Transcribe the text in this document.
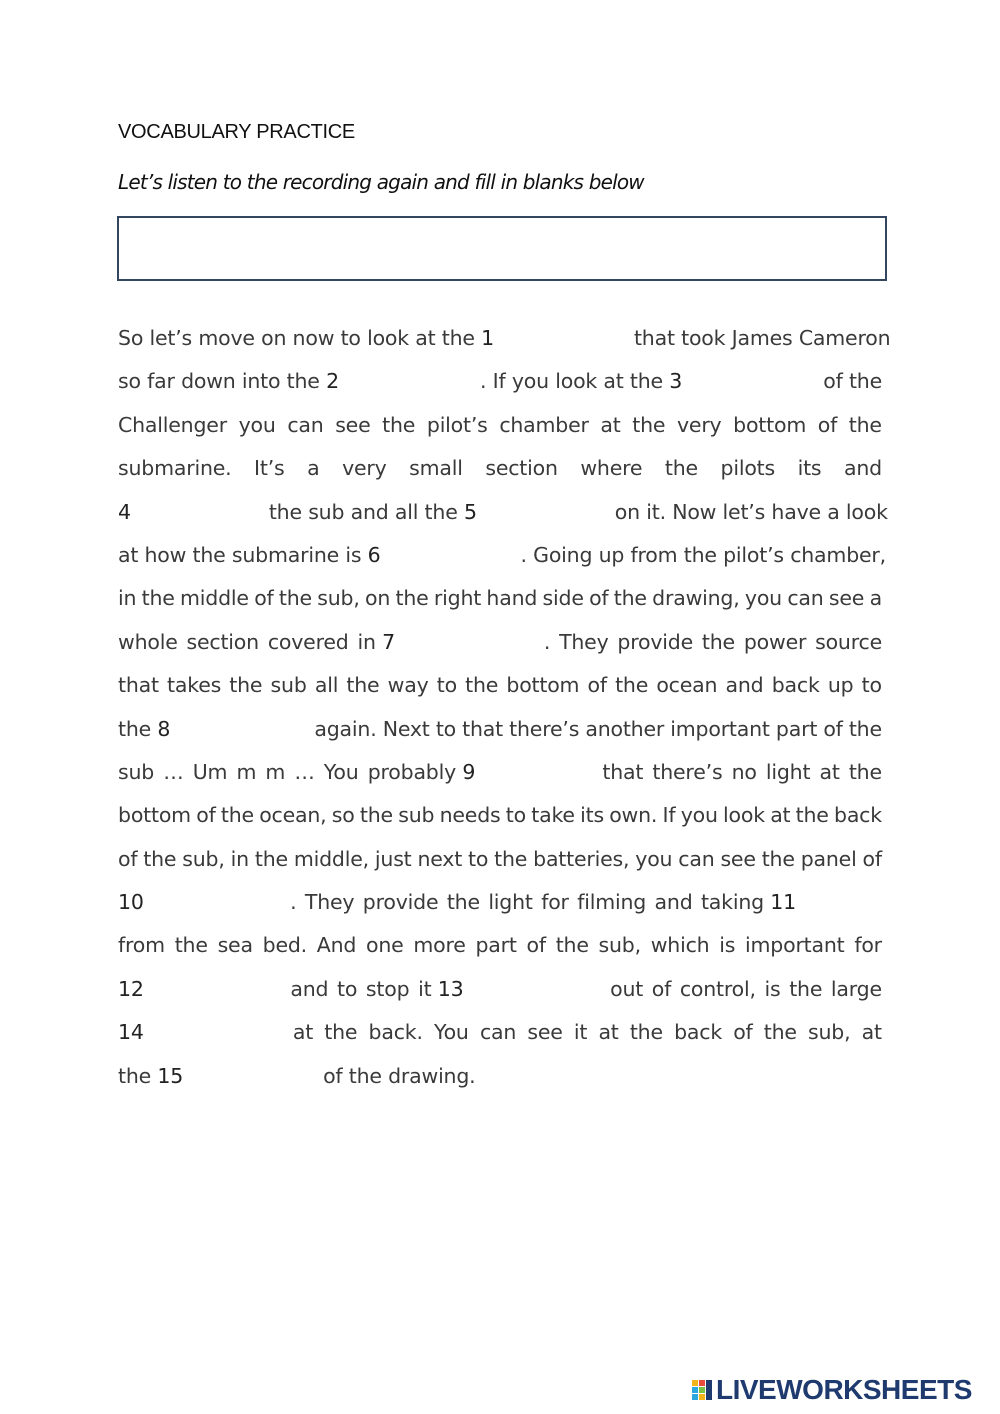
VOCABULARY PRACTICE
Let’s listen to the recording again and fill in blanks below
So let’s move on now to look at the 1	that took James Cameron
so far down into the 2	. If you look at the 3	of the
Challenger you can see the pilot’s chamber at the very bottom of the
submarine. It’s a very small section where the pilots its and
4	the sub and all the 5	on it. Now let’s have a look
at how the submarine is 6	. Going up from the pilot’s chamber,
in the middle of the sub, on the right hand side of the drawing, you can see a
whole section covered in 7	. They provide the power source
that takes the sub all the way to the bottom of the ocean and back up to
the 8	again. Next to that there’s another important part of the
sub … Um m m … You probably 9	that there’s no light at the
bottom of the ocean, so the sub needs to take its own. If you look at the back
of the sub, in the middle, just next to the batteries, you can see the panel of
10	. They provide the light for filming and taking 11
from the sea bed. And one more part of the sub, which is important for
12	and to stop it 13	out of control, is the large
14	at the back. You can see it at the back of the sub, at
the 15	of the drawing.
LIVEWORKSHEETS
